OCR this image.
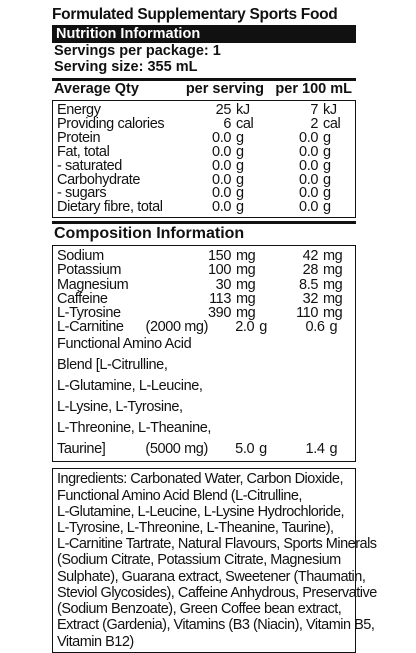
Formulated Supplementary Sports Food
Nutrition Information
Servings per package: 1
Serving size: 355 mL
Average Qty	per serving per 100 mL
Energy	25 kJ	7 kJ
Providing calories	6 cal	2 cal
Protein	0.0 g	0.0 g
Fat, total	0.0 g	0.0 g
- saturated	0.0 g	0.0 g
Carbohydrate	0.0 g	0.0 g
- sugars	0.0 g	0.0 g
Dietary fibre, total	0.0 g	0.0 g
Composition Information
Sodium	150 mg	42 mg
Potassium	100 mg	28 mg
Magnesium	30 mg	8.5 mg
Caffeine	113 mg	32 mg
L-Tyrosine	390 mg	110 mg
L-Carnitine (2000 mg)	2.0 g	0.6 g
Functional Amino Acid
Blend [L-Citrulline,
L-Glutamine, L-Leucine,
L-Lysine, L-Tyrosine,
L-Threonine, L-Theanine,
Taurine]	(5000 mg)	5.0 g	1.4 g
Ingredients: Carbonated Water, Carbon Dioxide,
Functional Amino Acid Blend (L-Citrulline,
L-Glutamine, L-Leucine, L-Lysine Hydrochloride,
L-Tyrosine, L-Threonine, L-Theanine, Taurine),
L-Carnitine Tartrate, Natural Flavours, Sports Minerals
(Sodium Citrate, Potassium Citrate, Magnesium
Sulphate), Guarana extract, Sweetener (Thaumatin,
Steviol Glycosides), Caffeine Anhydrous, Preservative
(Sodium Benzoate), Green Coffee bean extract,
Extract (Gardenia), Vitamins (B3 (Niacin), Vitamin B5,
Vitamin B12)
